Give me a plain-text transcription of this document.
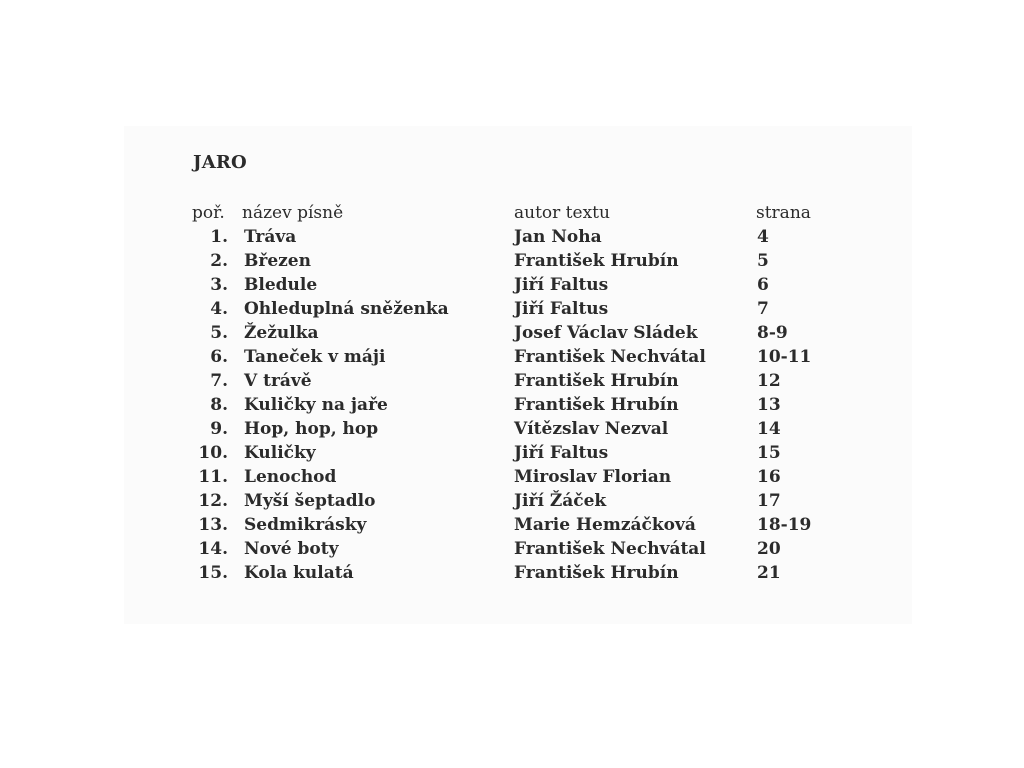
JARO
poř. název písně	autor textu	strana
1. Tráva	Jan Noha	4
2. Březen	František Hrubín	5
3. Bledule	Jiří Faltus	6
4. Ohleduplná sněženka	Jiří Faltus	7
5. Žežulka	Josef Václav Sládek	8-9
6. Taneček v máji	František Nechvátal	10-11
7. V trávě	František Hrubín	12
8. Kuličky na jaře	František Hrubín	13
9. Hop, hop, hop	Vítězslav Nezval	14
10. Kuličky	Jiří Faltus	15
11. Lenochod	Miroslav Florian	16
12. Myší šeptadlo	Jiří Žáček	17
13. Sedmikrásky	Marie Hemzáčková	18-19
14. Nové boty	František Nechvátal	20
15. Kola kulatá	František Hrubín	21
